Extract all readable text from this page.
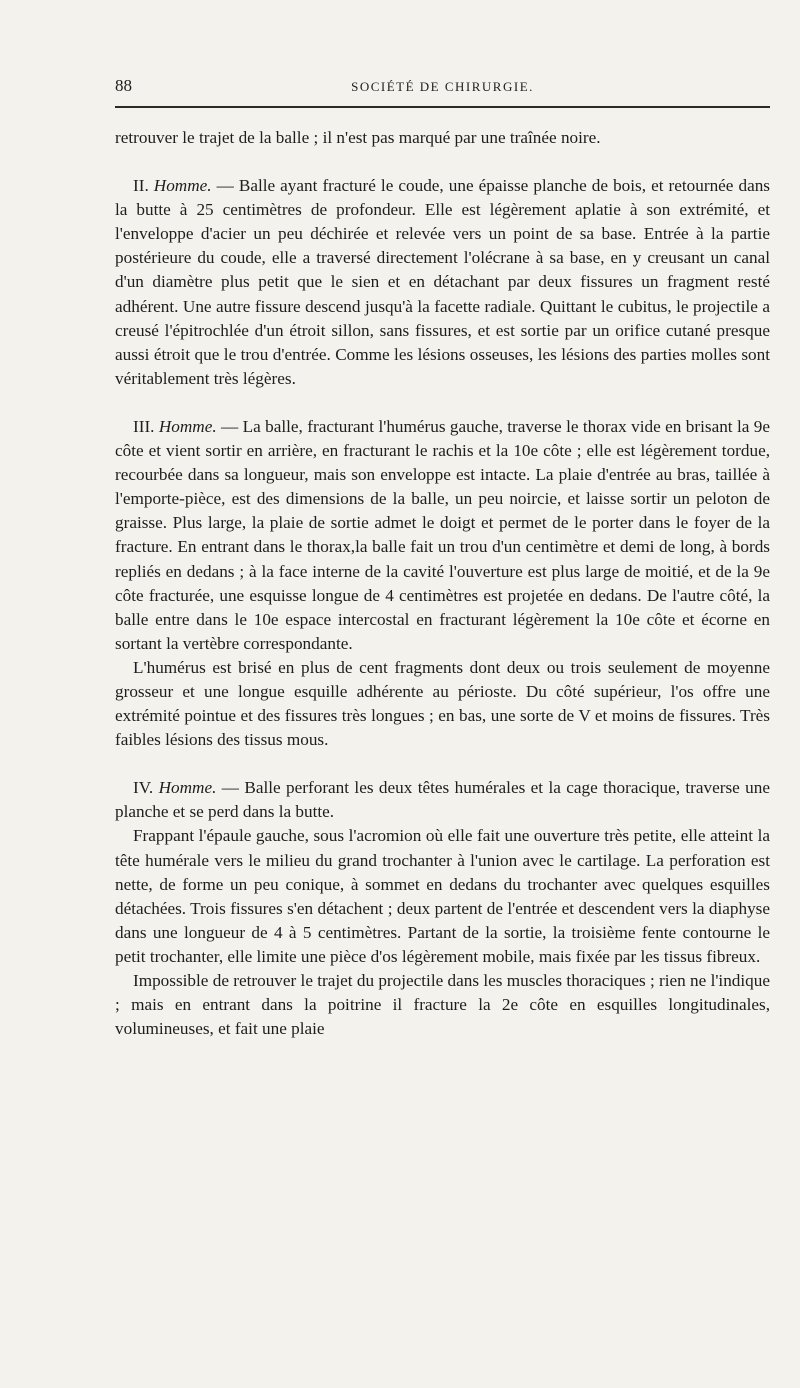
88	SOCIÉTÉ DE CHIRURGIE.

retrouver le trajet de la balle ; il n'est pas marqué par une traînée noire.

II. Homme. — Balle ayant fracturé le coude, une épaisse planche de bois, et retournée dans la butte à 25 centimètres de profondeur. Elle est légèrement aplatie à son extrémité, et l'enveloppe d'acier un peu déchirée et relevée vers un point de sa base. Entrée à la partie postérieure du coude, elle a traversé directement l'olécrane à sa base, en y creusant un canal d'un diamètre plus petit que le sien et en détachant par deux fissures un fragment resté adhérent. Une autre fissure descend jusqu'à la facette radiale. Quittant le cubitus, le projectile a creusé l'épitrochlée d'un étroit sillon, sans fissures, et est sortie par un orifice cutané presque aussi étroit que le trou d'entrée. Comme les lésions osseuses, les lésions des parties molles sont véritablement très légères.

III. Homme. — La balle, fracturant l'humérus gauche, traverse le thorax vide en brisant la 9e côte et vient sortir en arrière, en fracturant le rachis et la 10e côte ; elle est légèrement tordue, recourbée dans sa longueur, mais son enveloppe est intacte. La plaie d'entrée au bras, taillée à l'emporte-pièce, est des dimensions de la balle, un peu noircie, et laisse sortir un peloton de graisse. Plus large, la plaie de sortie admet le doigt et permet de le porter dans le foyer de la fracture. En entrant dans le thorax,la balle fait un trou d'un centimètre et demi de long, à bords repliés en dedans ; à la face interne de la cavité l'ouverture est plus large de moitié, et de la 9e côte fracturée, une esquisse longue de 4 centimètres est projetée en dedans. De l'autre côté, la balle entre dans le 10e espace intercostal en fracturant légèrement la 10e côte et écorne en sortant la vertèbre correspondante.

L'humérus est brisé en plus de cent fragments dont deux ou trois seulement de moyenne grosseur et une longue esquille adhérente au périoste. Du côté supérieur, l'os offre une extrémité pointue et des fissures très longues ; en bas, une sorte de V et moins de fissures. Très faibles lésions des tissus mous.

IV. Homme. — Balle perforant les deux têtes humérales et la cage thoracique, traverse une planche et se perd dans la butte.

Frappant l'épaule gauche, sous l'acromion où elle fait une ouverture très petite, elle atteint la tête humérale vers le milieu du grand trochanter à l'union avec le cartilage. La perforation est nette, de forme un peu conique, à sommet en dedans du trochanter avec quelques esquilles détachées. Trois fissures s'en détachent ; deux partent de l'entrée et descendent vers la diaphyse dans une longueur de 4 à 5 centimètres. Partant de la sortie, la troisième fente contourne le petit trochanter, elle limite une pièce d'os légèrement mobile, mais fixée par les tissus fibreux.

Impossible de retrouver le trajet du projectile dans les muscles thoraciques ; rien ne l'indique ; mais en entrant dans la poitrine il fracture la 2e côte en esquilles longitudinales, volumineuses, et fait une plaie
